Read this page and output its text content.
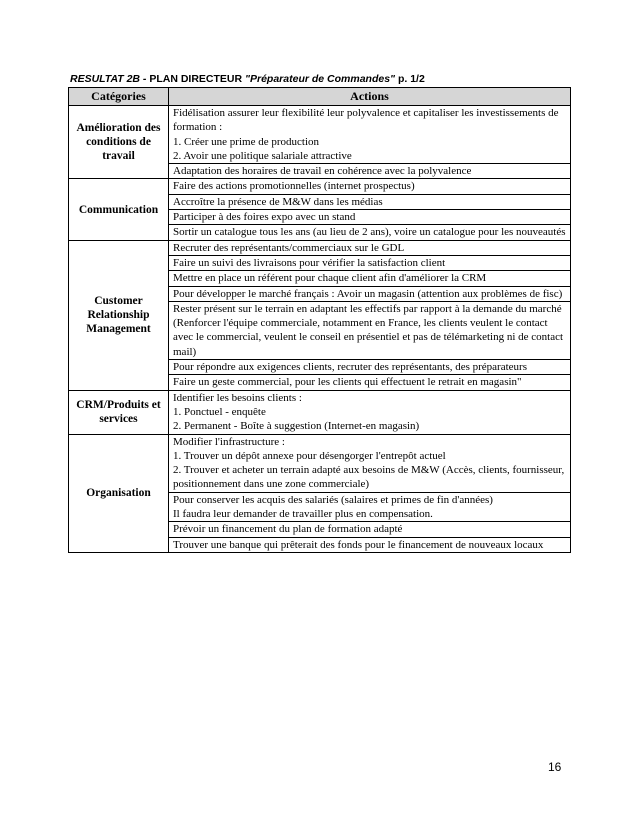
RESULTAT 2B - PLAN DIRECTEUR "Préparateur de Commandes" p. 1/2
Catégories	Actions
Amélioration des conditions de travail	Fidélisation assurer leur flexibilité leur polyvalence et capitaliser les investissements de formation :
1. Créer une prime de production
2. Avoir une politique salariale attractive
	Adaptation des horaires de travail en cohérence avec la polyvalence
Communication	Faire des actions promotionnelles (internet prospectus)
	Accroître la présence de M&W dans les médias
	Participer à des foires expo avec un stand
	Sortir un catalogue tous les ans (au lieu de 2 ans), voire un catalogue pour les nouveautés
Customer Relationship Management	Recruter des représentants/commerciaux sur le GDL
	Faire un suivi des livraisons pour vérifier la satisfaction client
	Mettre en place un référent pour chaque client afin d'améliorer la CRM
	Pour développer le marché français : Avoir un magasin (attention aux problèmes de fisc)
	Rester présent sur le terrain en adaptant les effectifs par rapport à la demande du marché (Renforcer l'équipe commerciale, notamment en France, les clients veulent le contact avec le commercial, veulent le conseil en présentiel et pas de télémarketing ni de contact mail)
	Pour répondre aux exigences clients, recruter des représentants, des préparateurs
	Faire un geste commercial, pour les clients qui effectuent le retrait en magasin"
CRM/Produits et services	Identifier les besoins clients :
1. Ponctuel - enquête
2. Permanent - Boîte à suggestion (Internet-en magasin)
Organisation	Modifier l'infrastructure :
1. Trouver un dépôt annexe pour désengorger l'entrepôt actuel
2. Trouver et acheter un terrain adapté aux besoins de M&W (Accès, clients, fournisseur, positionnement dans une zone commerciale)
	Pour conserver les acquis des salariés (salaires et primes de fin d'années)
Il faudra leur demander de travailler plus en compensation.
	Prévoir un financement du plan de formation adapté
	Trouver une banque qui prêterait des fonds pour le financement de nouveaux locaux
16
